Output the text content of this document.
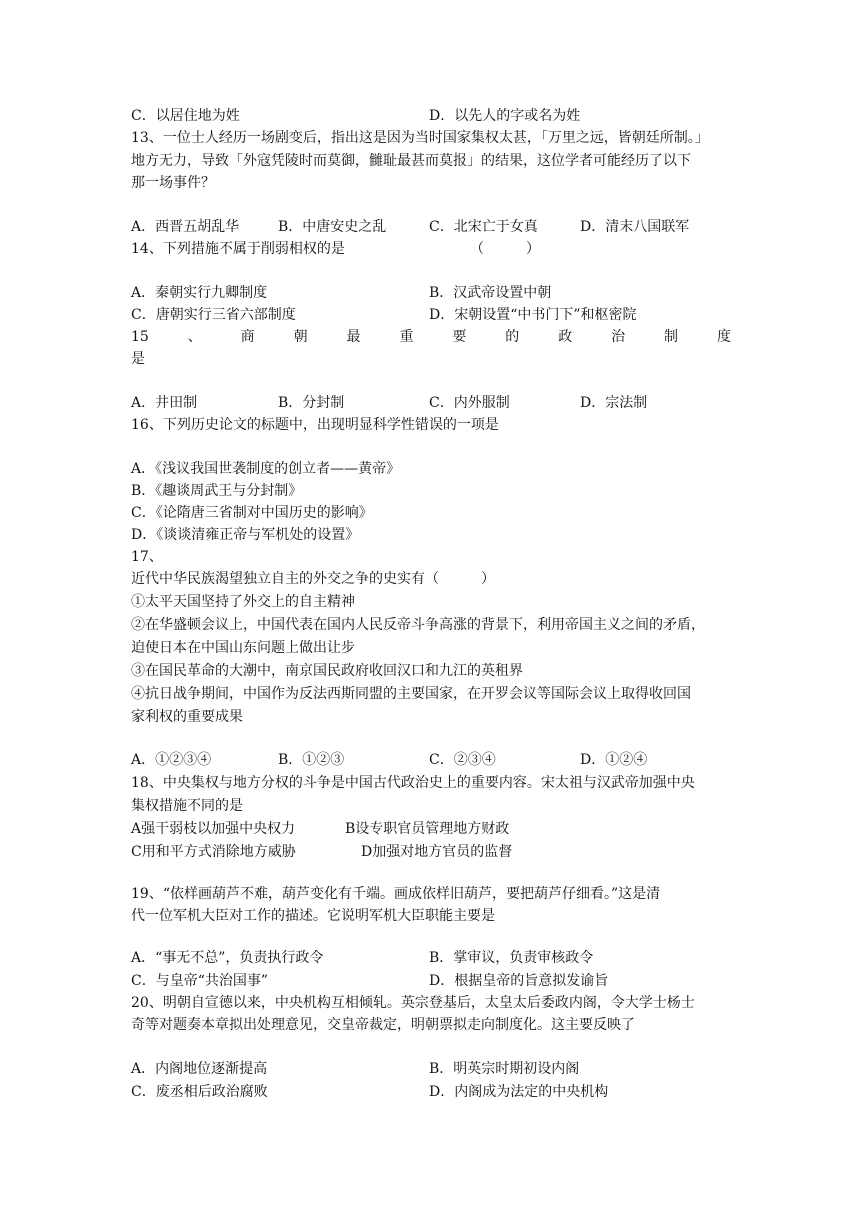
C．以居住地为姓	D．以先人的字或名为姓
13、一位士人经历一场剧变后，指出这是因为当时国家集权太甚，「万里之远，皆朝廷所制。」
地方无力，导致「外寇凭陵时而莫御，雠耻最甚而莫报」的结果，这位学者可能经历了以下
那一场事件？
A．西晋五胡乱华	B．中唐安史之乱	C．北宋亡于女真	D．清末八国联军
14、下列措施不属于削弱相权的是	（　　　）
A．秦朝实行九卿制度	B．汉武帝设置中朝
C．唐朝实行三省六部制度	D．宋朝设置“中书门下”和枢密院
15	、	商	朝	最	重	要	的	政	治	制	度
是
A．井田制	B．分封制	C．内外服制	D．宗法制
16、下列历史论文的标题中，出现明显科学性错误的一项是
A．《浅议我国世袭制度的创立者——黄帝》
B．《趣谈周武王与分封制》
C．《论隋唐三省制对中国历史的影响》
D．《谈谈清雍正帝与军机处的设置》
17、
近代中华民族渴望独立自主的外交之争的史实有（　　　）
①太平天国坚持了外交上的自主精神
②在华盛顿会议上，中国代表在国内人民反帝斗争高涨的背景下，利用帝国主义之间的矛盾，
迫使日本在中国山东问题上做出让步
③在国民革命的大潮中，南京国民政府收回汉口和九江的英租界
④抗日战争期间，中国作为反法西斯同盟的主要国家，在开罗会议等国际会议上取得收回国
家利权的重要成果
A．①②③④	B．①②③	C．②③④	D．①②④
18、中央集权与地方分权的斗争是中国古代政治史上的重要内容。宋太祖与汉武帝加强中央
集权措施不同的是
A强干弱枝以加强中央权力	B设专职官员管理地方财政
C用和平方式消除地方威胁	D加强对地方官员的监督
19、“依样画葫芦不难，葫芦变化有千端。画成依样旧葫芦，要把葫芦仔细看。”这是清
代一位军机大臣对工作的描述。它说明军机大臣职能主要是
A．“事无不总”，负责执行政令	B．掌审议，负责审核政令
C．与皇帝“共治国事”	D．根据皇帝的旨意拟发谕旨
20、明朝自宣德以来，中央机构互相倾轧。英宗登基后，太皇太后委政内阁，令大学士杨士
奇等对题奏本章拟出处理意见，交皇帝裁定，明朝票拟走向制度化。这主要反映了
A．内阁地位逐渐提高	B．明英宗时期初设内阁
C．废丞相后政治腐败	D．内阁成为法定的中央机构
